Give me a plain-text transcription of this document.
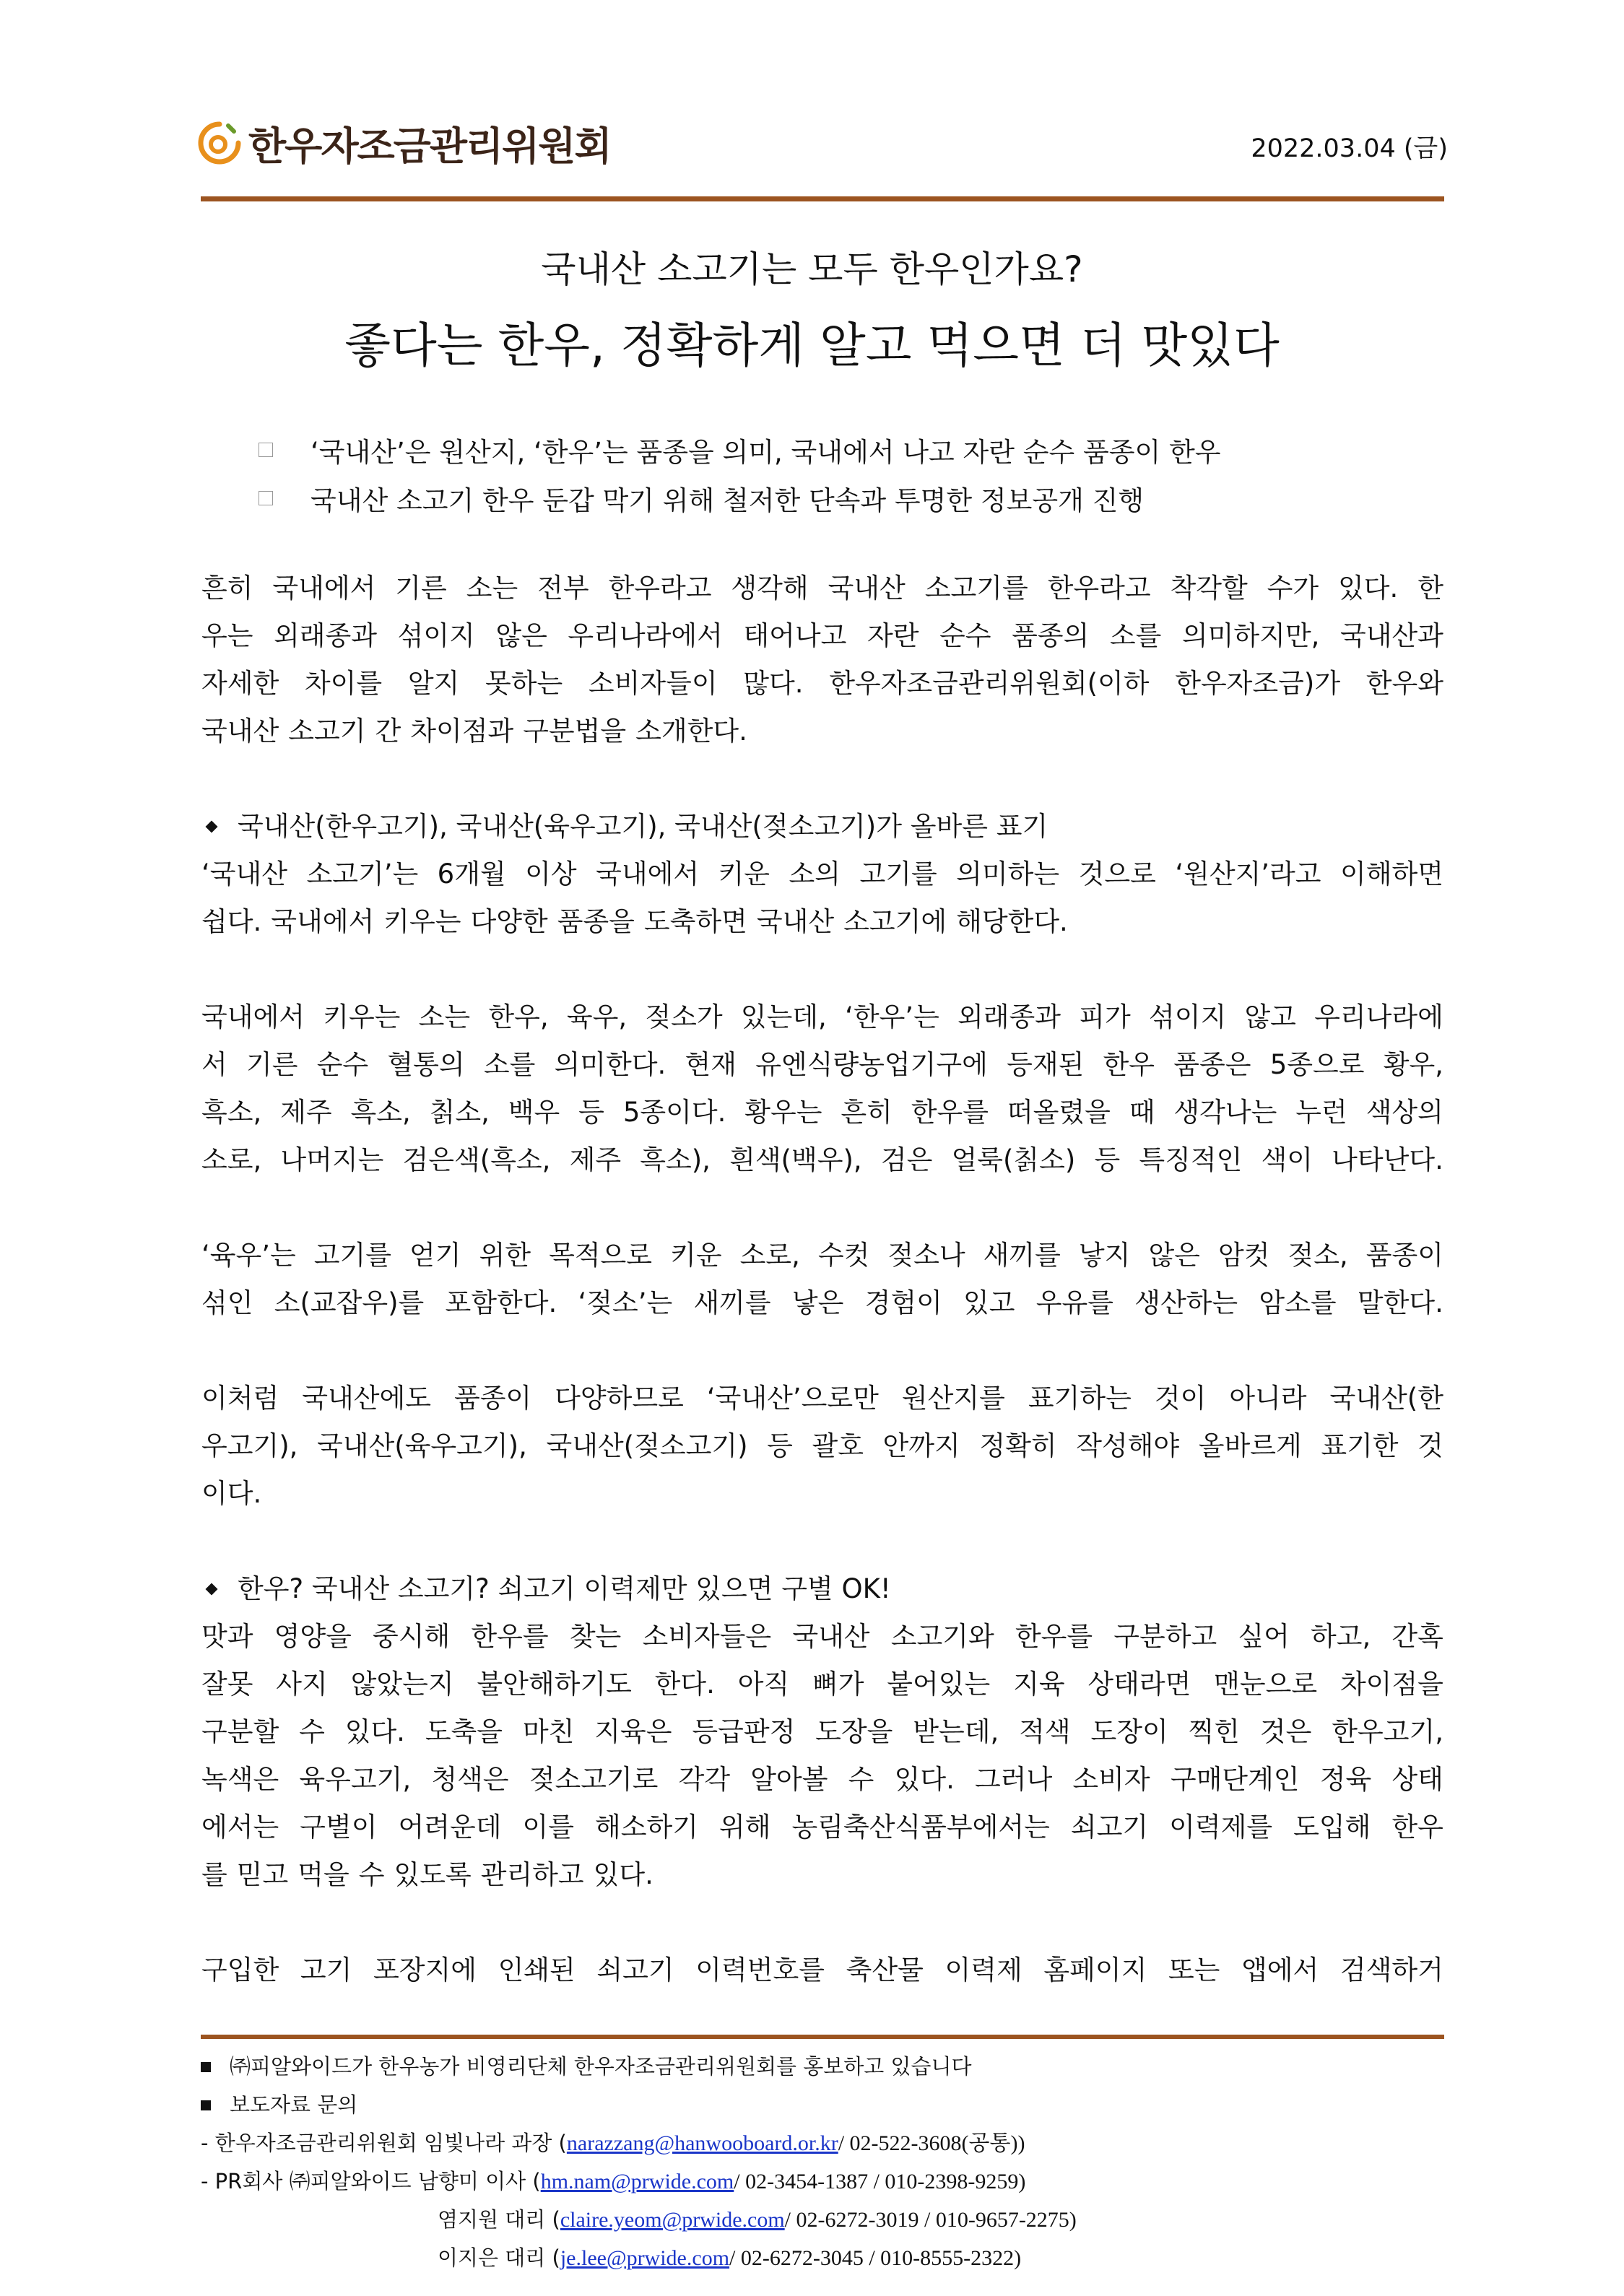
한우자조금관리위원회	2022.03.04 (금)
국내산 소고기는 모두 한우인가요?
좋다는 한우, 정확하게 알고 먹으면 더 맛있다
‘국내산’은 원산지, ‘한우’는 품종을 의미, 국내에서 나고 자란 순수 품종이 한우
국내산 소고기 한우 둔갑 막기 위해 철저한 단속과 투명한 정보공개 진행
흔히 국내에서 기른 소는 전부 한우라고 생각해 국내산 소고기를 한우라고 착각할 수가 있다. 한
우는 외래종과 섞이지 않은 우리나라에서 태어나고 자란 순수 품종의 소를 의미하지만, 국내산과
자세한 차이를 알지 못하는 소비자들이 많다. 한우자조금관리위원회(이하 한우자조금)가 한우와
국내산 소고기 간 차이점과 구분법을 소개한다.
국내산(한우고기), 국내산(육우고기), 국내산(젖소고기)가 올바른 표기
‘국내산 소고기’는 6개월 이상 국내에서 키운 소의 고기를 의미하는 것으로 ‘원산지’라고 이해하면
쉽다. 국내에서 키우는 다양한 품종을 도축하면 국내산 소고기에 해당한다.
국내에서 키우는 소는 한우, 육우, 젖소가 있는데, ‘한우’는 외래종과 피가 섞이지 않고 우리나라에
서 기른 순수 혈통의 소를 의미한다. 현재 유엔식량농업기구에 등재된 한우 품종은 5종으로 황우,
흑소, 제주 흑소, 칡소, 백우 등 5종이다. 황우는 흔히 한우를 떠올렸을 때 생각나는 누런 색상의
소로, 나머지는 검은색(흑소, 제주 흑소), 흰색(백우), 검은 얼룩(칡소) 등 특징적인 색이 나타난다.
‘육우’는 고기를 얻기 위한 목적으로 키운 소로, 수컷 젖소나 새끼를 낳지 않은 암컷 젖소, 품종이
섞인 소(교잡우)를 포함한다. ‘젖소’는 새끼를 낳은 경험이 있고 우유를 생산하는 암소를 말한다.
이처럼 국내산에도 품종이 다양하므로 ‘국내산’으로만 원산지를 표기하는 것이 아니라 국내산(한
우고기), 국내산(육우고기), 국내산(젖소고기) 등 괄호 안까지 정확히 작성해야 올바르게 표기한 것
이다.
한우? 국내산 소고기? 쇠고기 이력제만 있으면 구별 OK!
맛과 영양을 중시해 한우를 찾는 소비자들은 국내산 소고기와 한우를 구분하고 싶어 하고, 간혹
잘못 사지 않았는지 불안해하기도 한다. 아직 뼈가 붙어있는 지육 상태라면 맨눈으로 차이점을
구분할 수 있다. 도축을 마친 지육은 등급판정 도장을 받는데, 적색 도장이 찍힌 것은 한우고기,
녹색은 육우고기, 청색은 젖소고기로 각각 알아볼 수 있다. 그러나 소비자 구매단계인 정육 상태
에서는 구별이 어려운데 이를 해소하기 위해 농림축산식품부에서는 쇠고기 이력제를 도입해 한우
를 믿고 먹을 수 있도록 관리하고 있다.
구입한 고기 포장지에 인쇄된 쇠고기 이력번호를 축산물 이력제 홈페이지 또는 앱에서 검색하거
㈜피알와이드가 한우농가 비영리단체 한우자조금관리위원회를 홍보하고 있습니다
보도자료 문의
- 한우자조금관리위원회 임빛나라 과장 ( narazzang@hanwooboard.or.kr / 02-522-3608(공통))
- PR회사 ㈜피알와이드 남향미 이사 ( hm.nam@prwide.com / 02-3454-1387 / 010-2398-9259)
염지원 대리 ( claire.yeom@prwide.com / 02-6272-3019 / 010-9657-2275)
이지은 대리 ( je.lee@prwide.com / 02-6272-3045 / 010-8555-2322)
